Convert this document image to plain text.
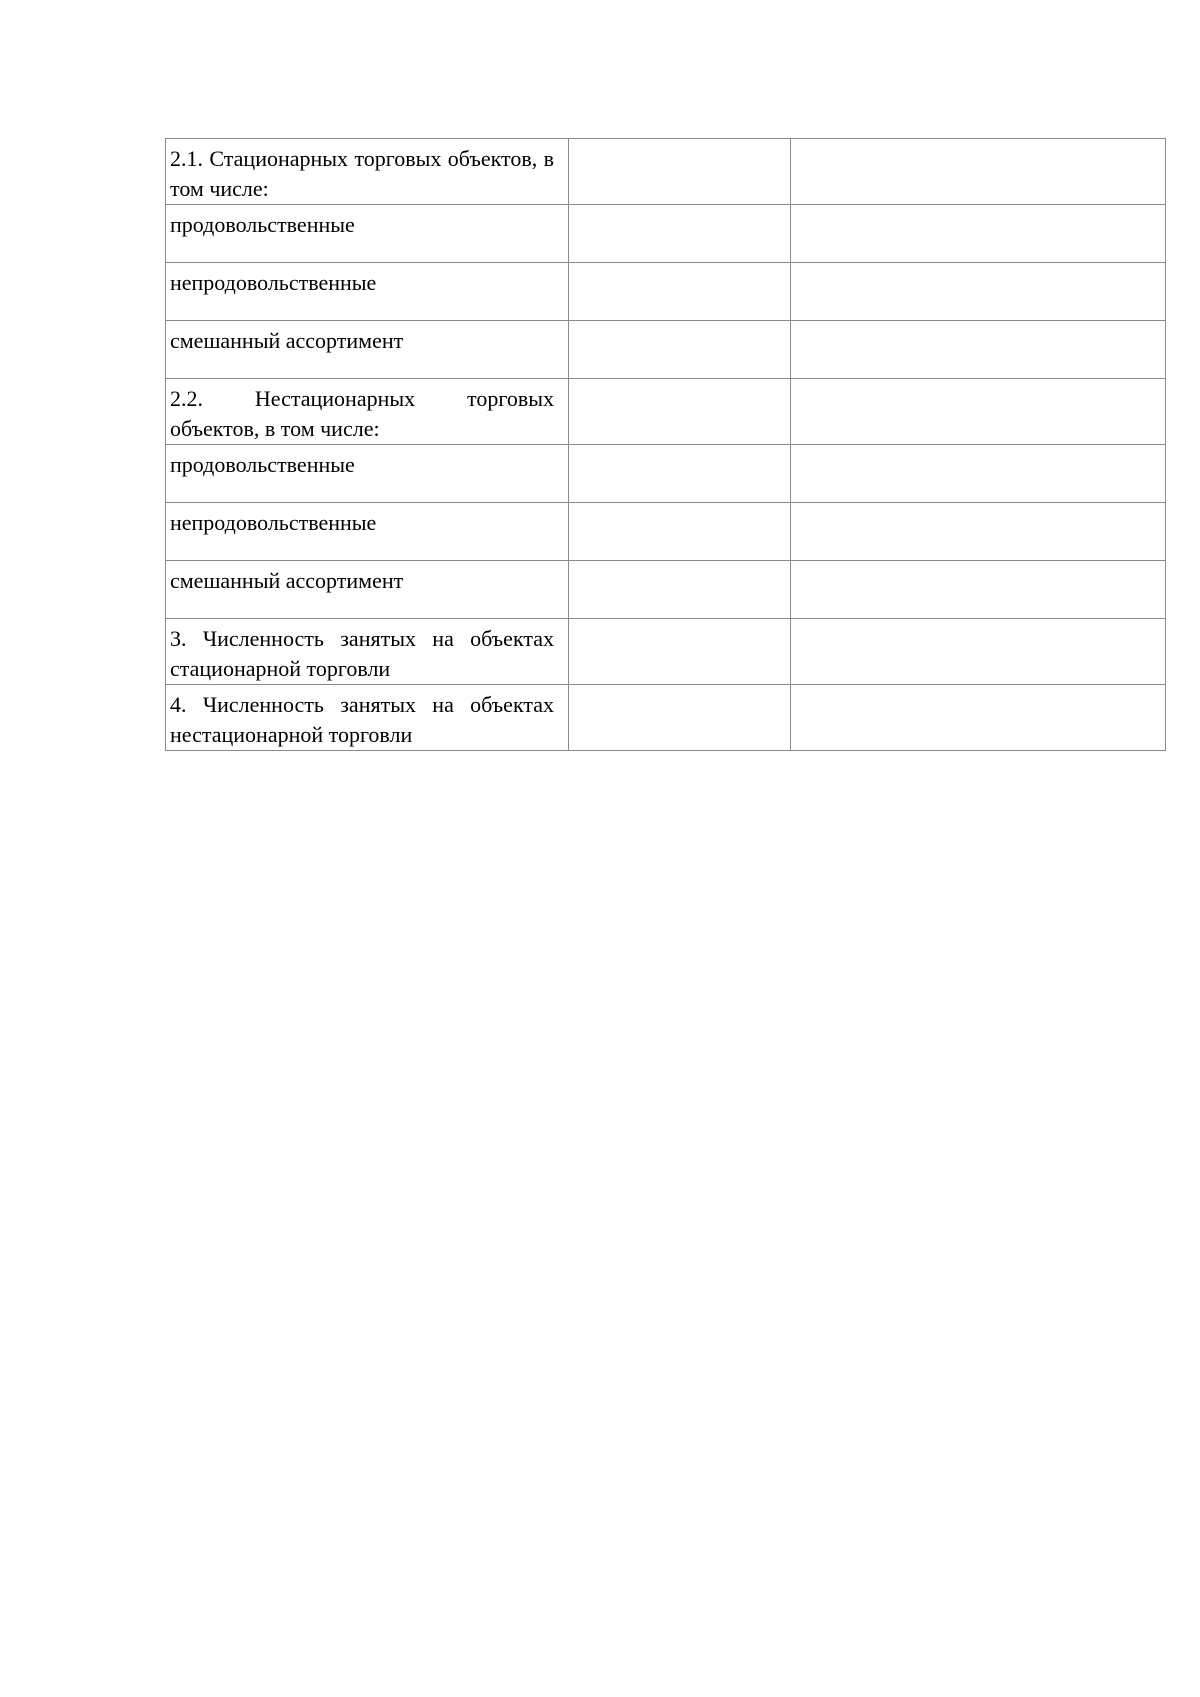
2.1. Стационарных торговых объектов, в том числе:		
продовольственные		
непродовольственные		
смешанный ассортимент		
2.2. Нестационарных торговых объектов, в том числе:		
продовольственные		
непродовольственные		
смешанный ассортимент		
3. Численность занятых на объектах стационарной торговли		
4. Численность занятых на объектах нестационарной торговли		
